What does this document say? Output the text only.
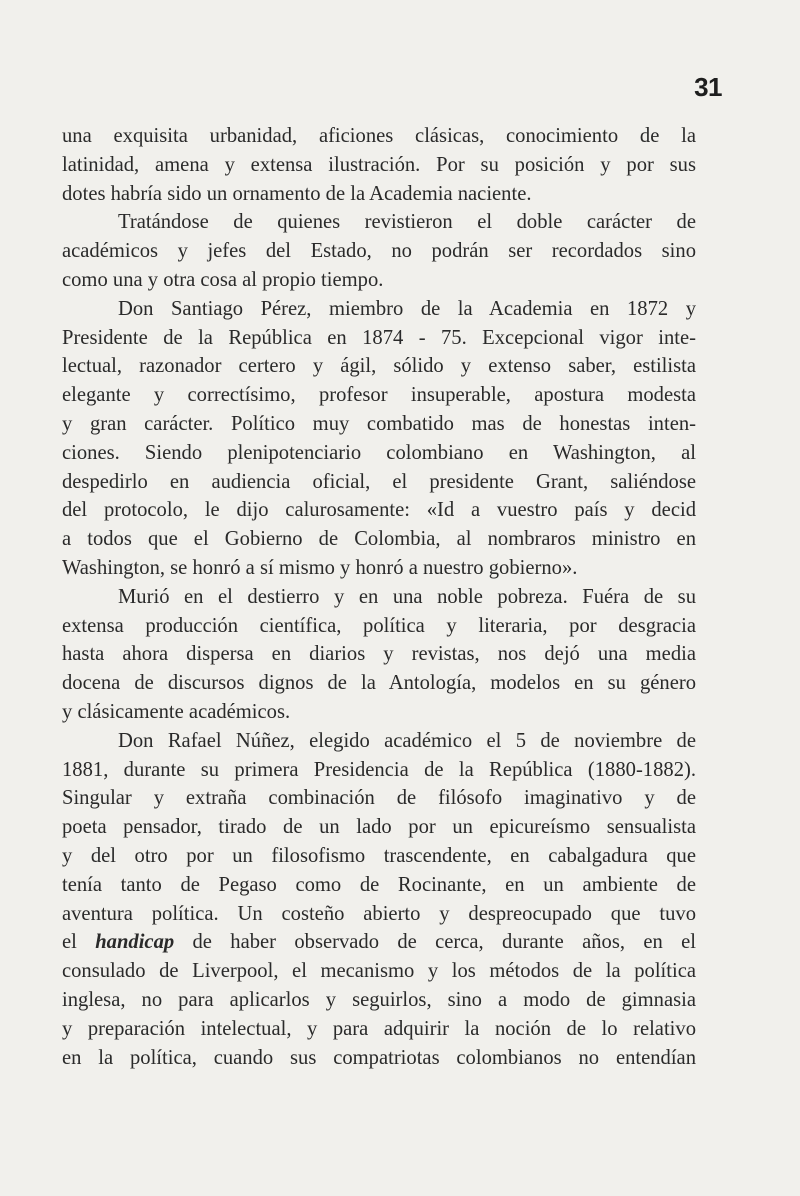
31

una exquisita urbanidad, aficiones clásicas, conocimiento de la
latinidad, amena y extensa ilustración. Por su posición y por sus
dotes habría sido un ornamento de la Academia naciente.

Tratándose de quienes revistieron el doble carácter de
académicos y jefes del Estado, no podrán ser recordados sino
como una y otra cosa al propio tiempo.

Don Santiago Pérez, miembro de la Academia en 1872 y
Presidente de la República en 1874 - 75. Excepcional vigor inte-
lectual, razonador certero y ágil, sólido y extenso saber, estilista
elegante y correctísimo, profesor insuperable, apostura modesta
y gran carácter. Político muy combatido mas de honestas inten-
ciones. Siendo plenipotenciario colombiano en Washington, al
despedirlo en audiencia oficial, el presidente Grant, saliéndose
del protocolo, le dijo calurosamente: «Id a vuestro país y decid
a todos que el Gobierno de Colombia, al nombraros ministro en
Washington, se honró a sí mismo y honró a nuestro gobierno».

Murió en el destierro y en una noble pobreza. Fuéra de su
extensa producción científica, política y literaria, por desgracia
hasta ahora dispersa en diarios y revistas, nos dejó una media
docena de discursos dignos de la Antología, modelos en su género
y clásicamente académicos.

Don Rafael Núñez, elegido académico el 5 de noviembre de
1881, durante su primera Presidencia de la República (1880-1882).
Singular y extraña combinación de filósofo imaginativo y de
poeta pensador, tirado de un lado por un epicureísmo sensualista
y del otro por un filosofismo trascendente, en cabalgadura que
tenía tanto de Pegaso como de Rocinante, en un ambiente de
aventura política. Un costeño abierto y despreocupado que tuvo
el handicap de haber observado de cerca, durante años, en el
consulado de Liverpool, el mecanismo y los métodos de la política
inglesa, no para aplicarlos y seguirlos, sino a modo de gimnasia
y preparación intelectual, y para adquirir la noción de lo relativo
en la política, cuando sus compatriotas colombianos no entendían
